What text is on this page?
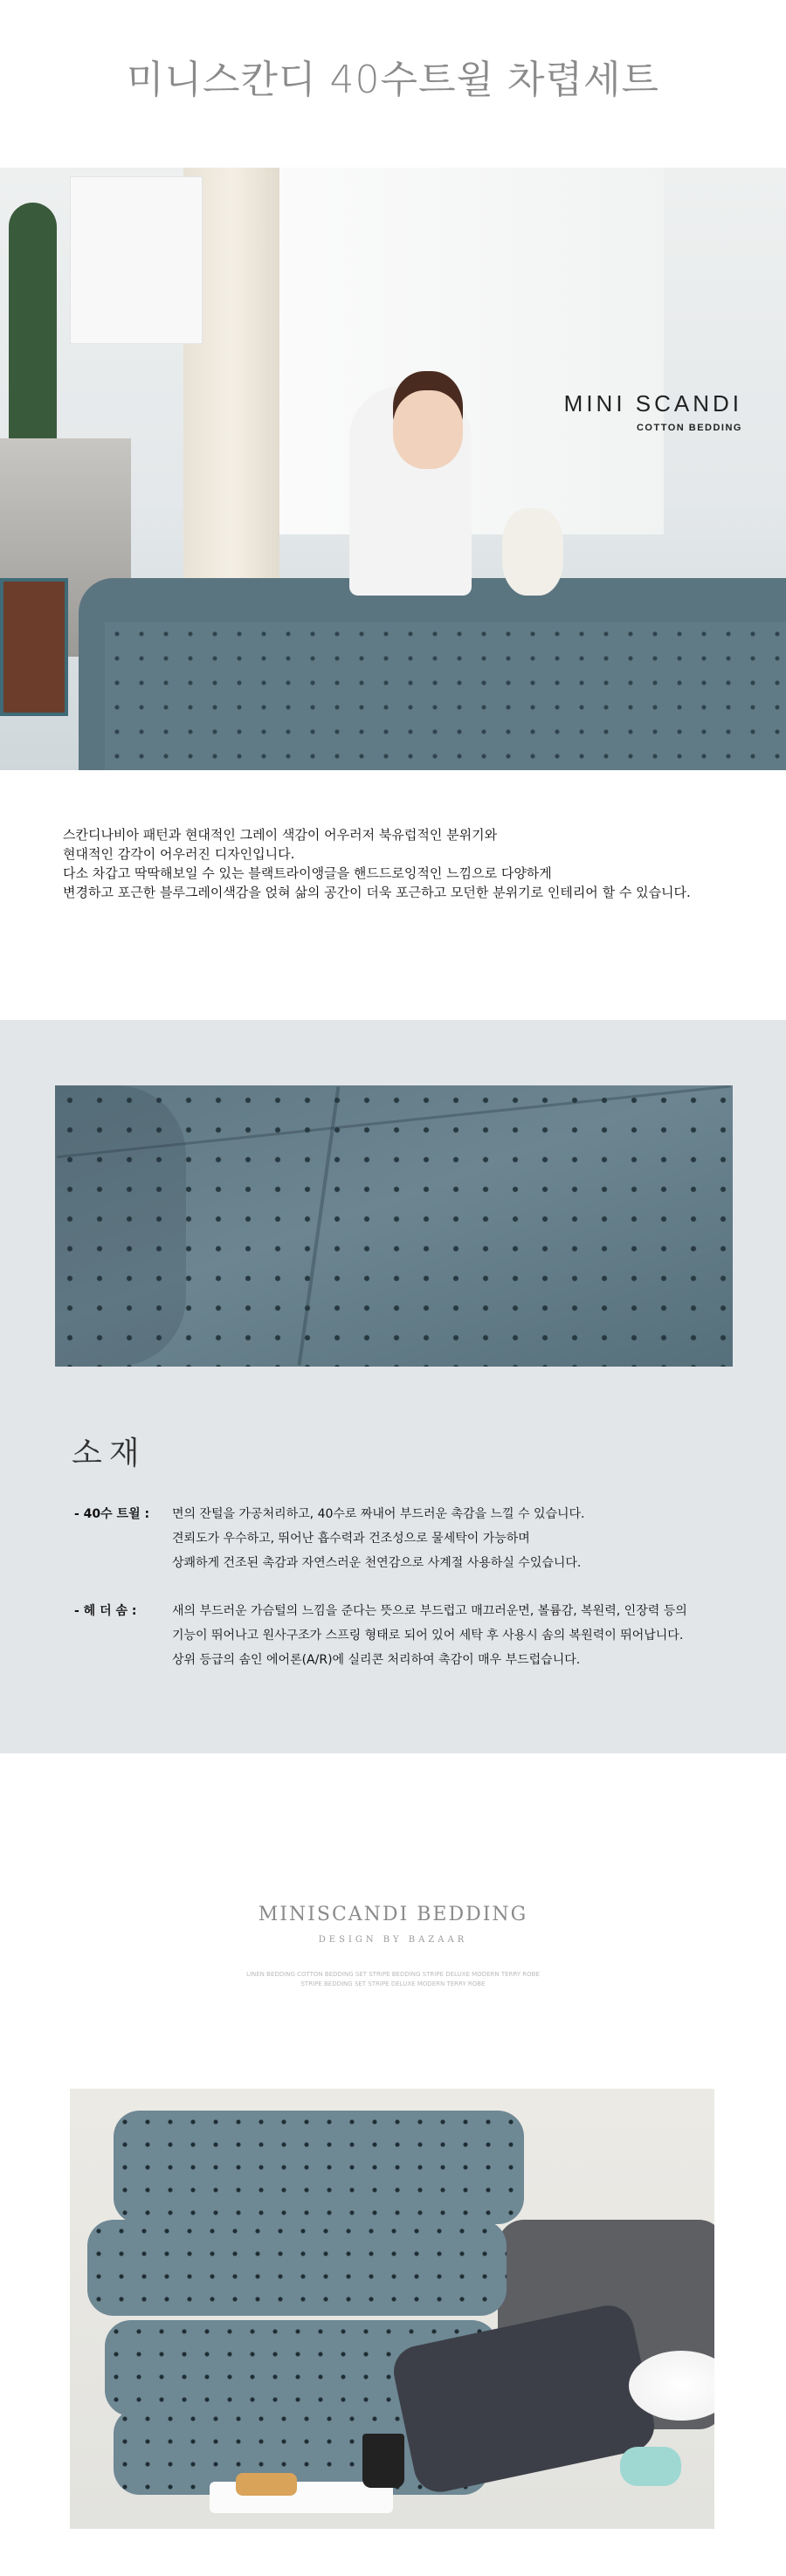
미니스칸디 40수트윌 차렵세트
MINI SCANDI
COTTON BEDDING

스칸디나비아 패턴과 현대적인 그레이 색감이 어우러저 북유럽적인 분위기와

현대적인 감각이 어우러진 디자인입니다.

다소 차갑고 딱딱해보일 수 있는 블랙트라이앵글을 핸드드로잉적인 느낌으로 다양하게

변경하고 포근한 블루그레이색감을 얹혀 삶의 공간이 더욱 포근하고 모던한 분위기로 인테리어 할 수 있습니다.

소재
- 40수 트윌 :	면의 잔털을 가공처리하고, 40수로 짜내어 부드러운 촉감을 느낄 수 있습니다.

견뢰도가 우수하고, 뛰어난 흡수력과 건조성으로 물세탁이 가능하며

상쾌하게 건조된 촉감과 자연스러운 천연감으로 사계절 사용하실 수있습니다.

- 헤 더 솜 :	새의 부드러운 가슴털의 느낌을 준다는 뜻으로 부드럽고 매끄러운면, 볼륨감, 복원력, 인장력 등의

기능이 뛰어나고 원사구조가 스프링 형태로 되어 있어 세탁 후 사용시 솜의 복원력이 뛰어납니다.

상위 등급의 솜인 에어론(A/R)에 실리콘 처리하여 촉감이 매우 부드럽습니다.

MINISCANDI BEDDING
DESIGN BY BAZAAR
LINEN BEDDING COTTON BEDDING SET STRIPE BEDDING STRIPE DELUXE MODERN TERRY ROBE
STRIPE BEDDING SET STRIPE DELUXE MODERN TERRY ROBE
